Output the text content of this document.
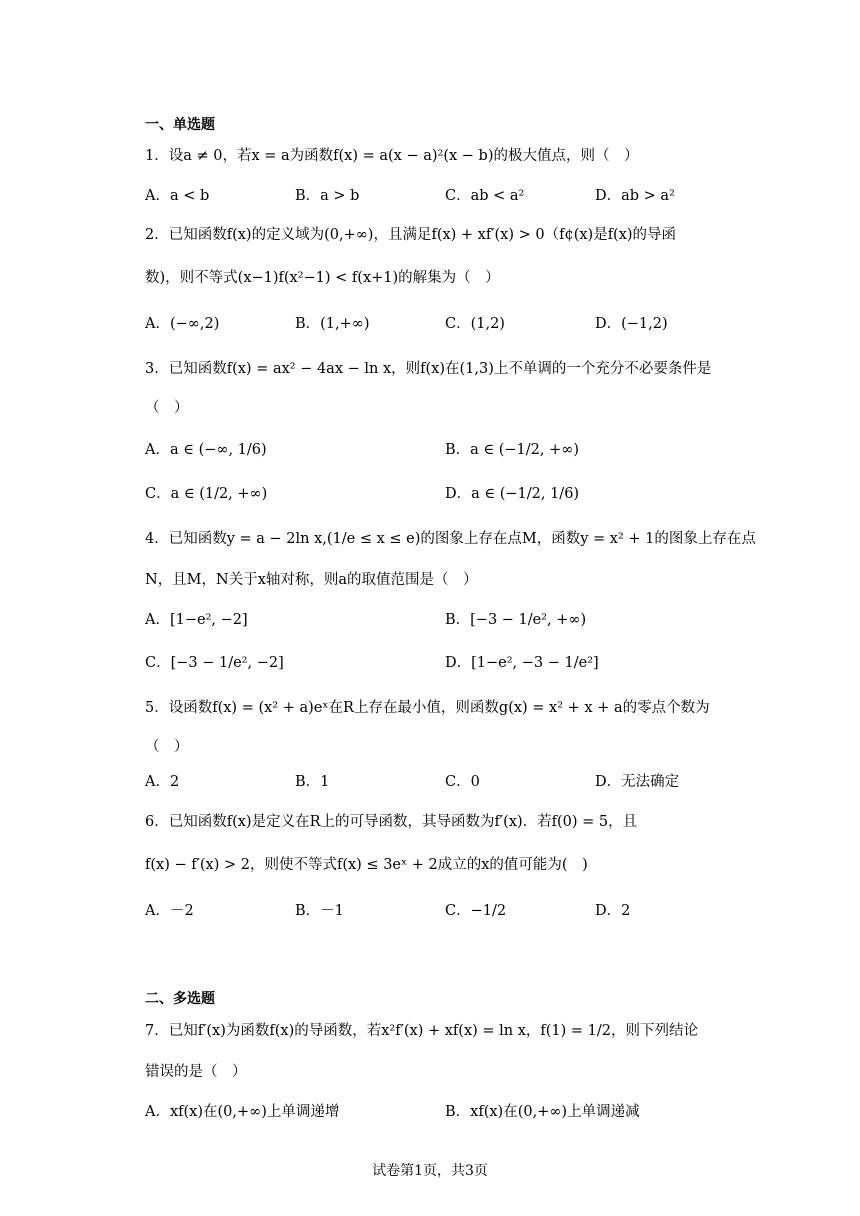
一、单选题
1．设a ≠ 0，若x = a为函数f(x) = a(x − a)²(x − b)的极大值点，则（　）
A．a < b	B．a > b	C．ab < a²	D．ab > a²
2．已知函数f(x)的定义域为(0,+∞)，且满足f(x) + xf′(x) > 0（f¢(x)是f(x)的导函
数)，则不等式(x−1)f(x²−1) < f(x+1)的解集为（　）
A．(−∞,2)	B．(1,+∞)	C．(1,2)	D．(−1,2)
3．已知函数f(x) = ax² − 4ax − ln x，则f(x)在(1,3)上不单调的一个充分不必要条件是
（　）
A．a ∈ (−∞, 1/6)	B．a ∈ (−1/2, +∞)
C．a ∈ (1/2, +∞)	D．a ∈ (−1/2, 1/6)
4．已知函数y = a − 2ln x,(1/e ≤ x ≤ e)的图象上存在点M，函数y = x² + 1的图象上存在点
N，且M，N关于x轴对称，则a的取值范围是（　）
A．[1−e², −2]	B．[−3 − 1/e², +∞)
C．[−3 − 1/e², −2]	D．[1−e², −3 − 1/e²]
5．设函数f(x) = (x² + a)eˣ在R上存在最小值，则函数g(x) = x² + x + a的零点个数为
（　）
A．2	B．1	C．0	D．无法确定
6．已知函数f(x)是定义在R上的可导函数，其导函数为f′(x)．若f(0) = 5，且
f(x) − f′(x) > 2，则使不等式f(x) ≤ 3eˣ + 2成立的x的值可能为(　)
A．－2	B．－1	C．−1/2	D．2
二、多选题
7．已知f′(x)为函数f(x)的导函数，若x²f′(x) + xf(x) = ln x，f(1) = 1/2，则下列结论
错误的是（　）
A．xf(x)在(0,+∞)上单调递增	B．xf(x)在(0,+∞)上单调递减
试卷第1页，共3页
